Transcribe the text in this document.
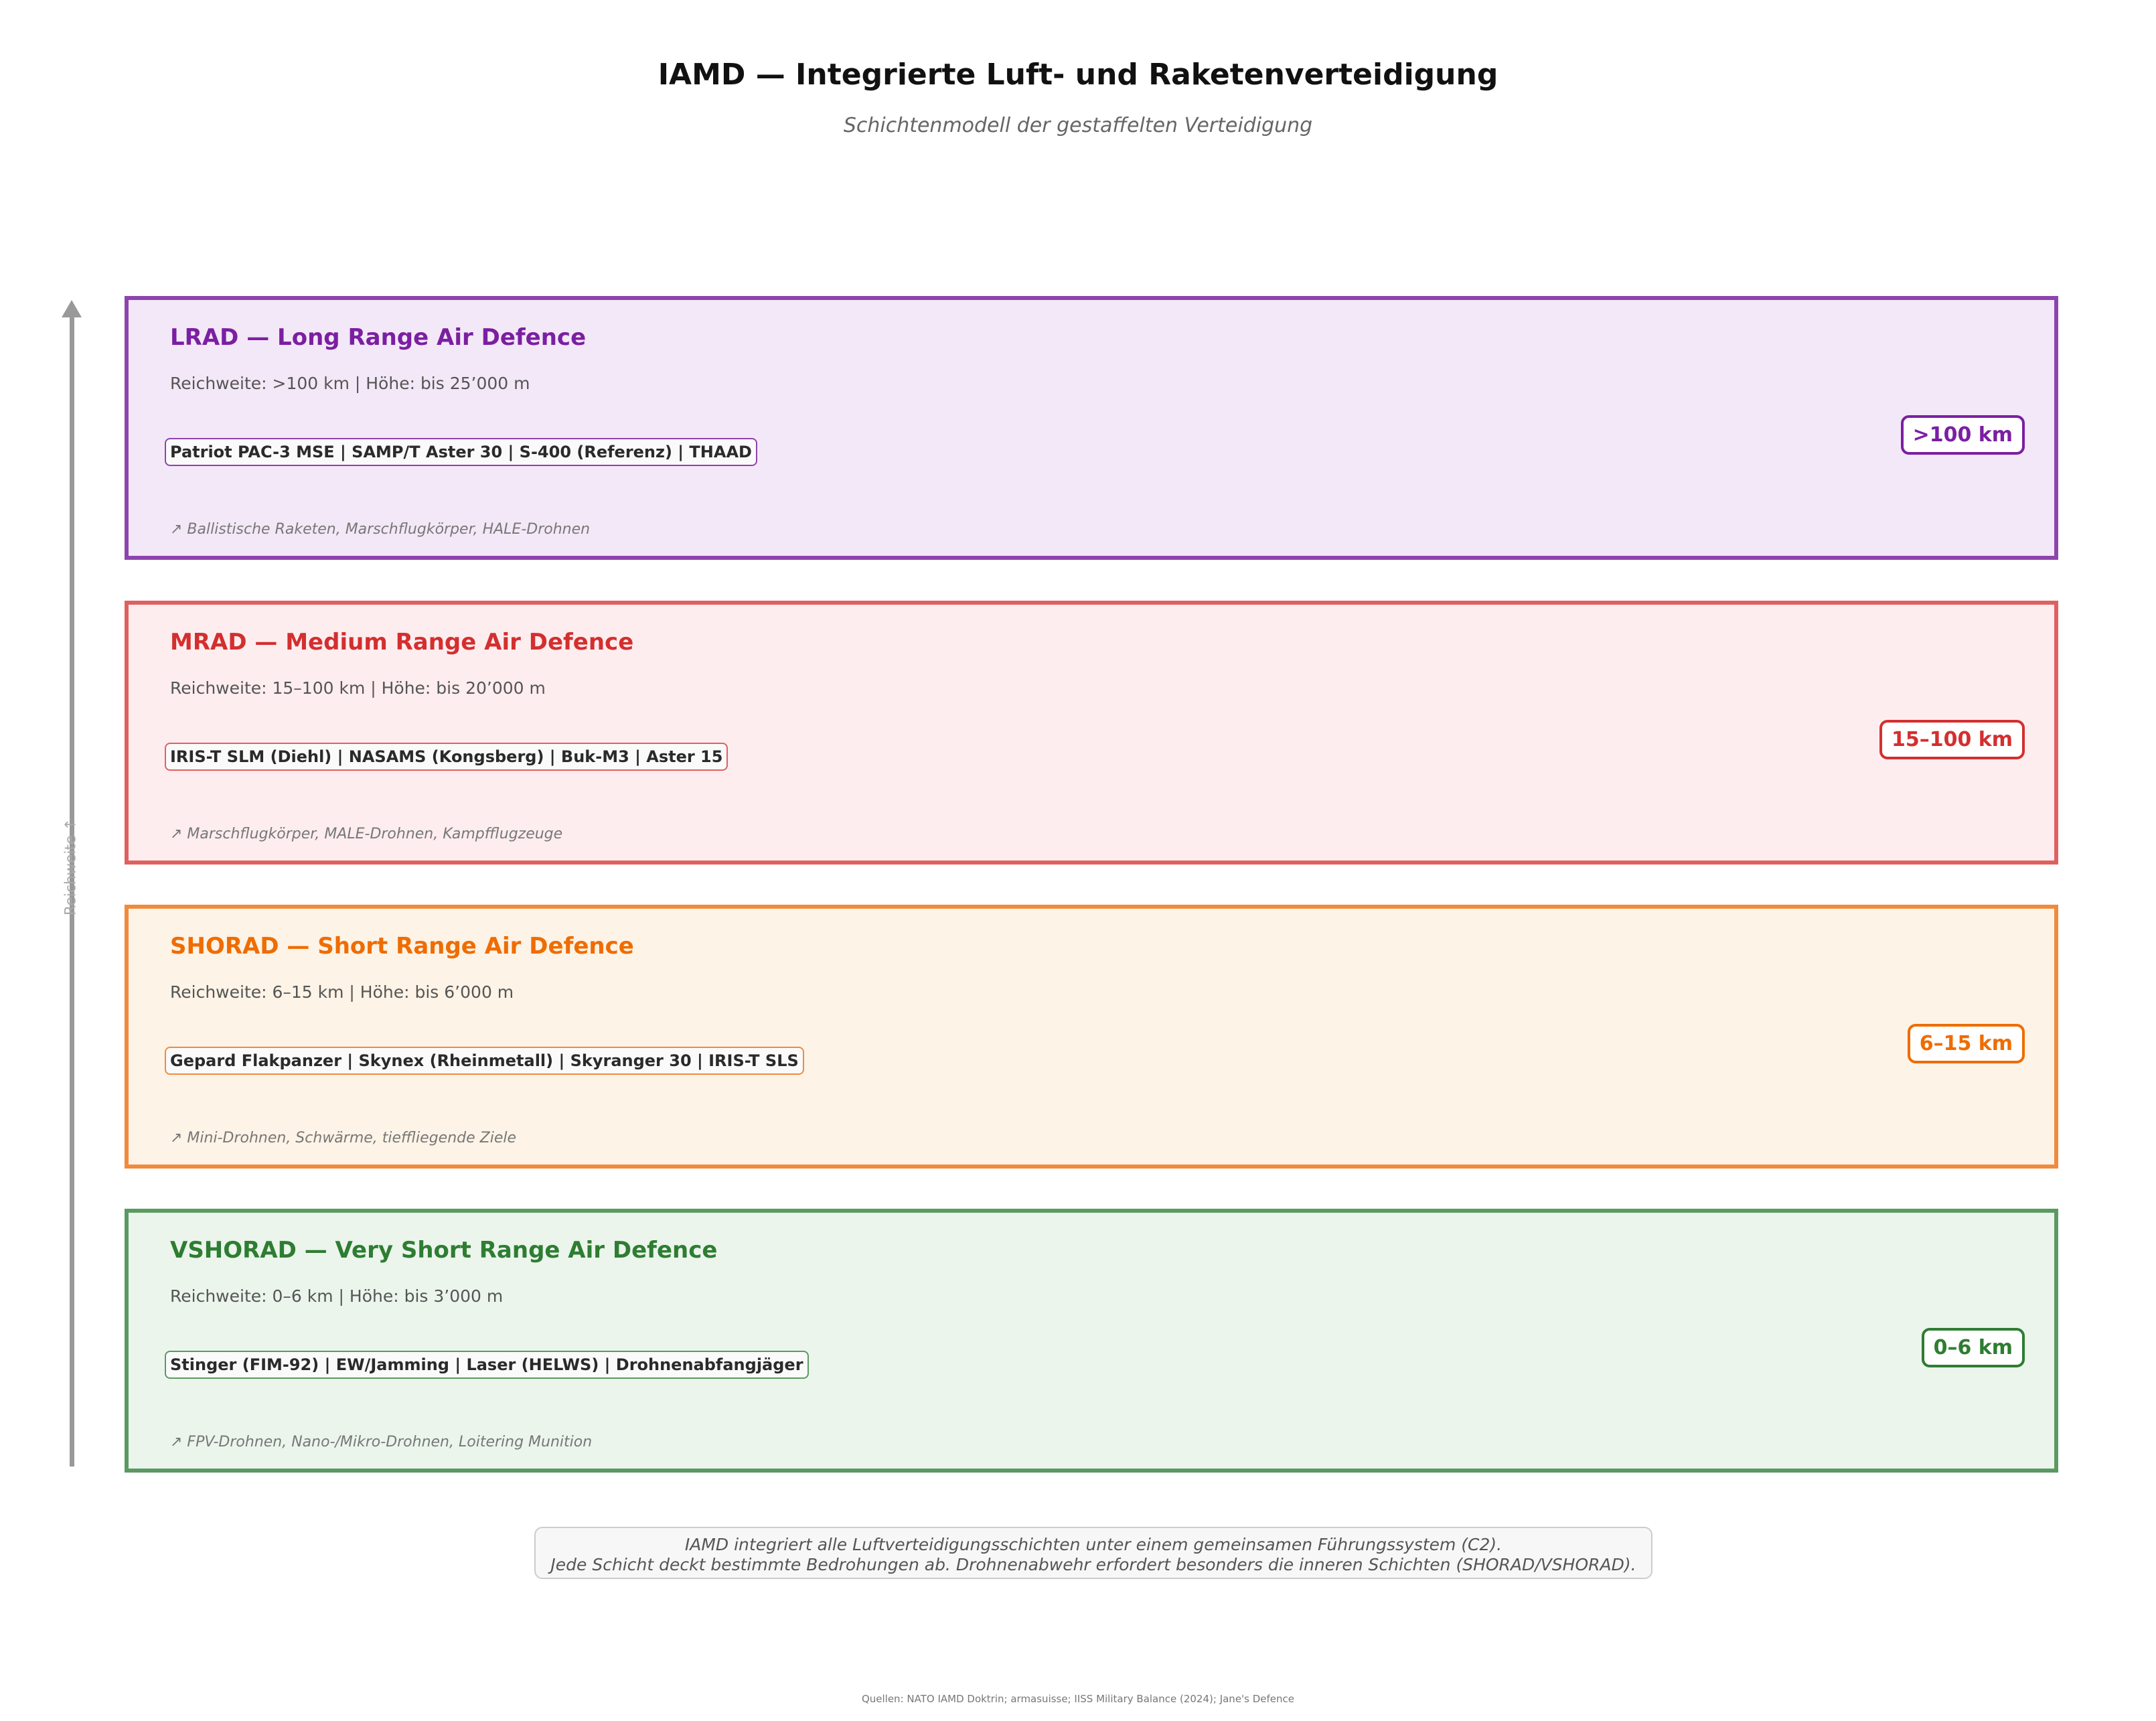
IAMD — Integrierte Luft- und Raketenverteidigung
Schichtenmodell der gestaffelten Verteidigung
Reichweite ↑
LRAD — Long Range Air Defence
Reichweite: >100 km | Höhe: bis 25’000 m
Patriot PAC-3 MSE | SAMP/T Aster 30 | S-400 (Referenz) | THAAD
↗ Ballistische Raketen, Marschflugkörper, HALE-Drohnen
>100 km
MRAD — Medium Range Air Defence
Reichweite: 15–100 km | Höhe: bis 20’000 m
IRIS-T SLM (Diehl) | NASAMS (Kongsberg) | Buk-M3 | Aster 15
↗ Marschflugkörper, MALE-Drohnen, Kampfflugzeuge
15–100 km
SHORAD — Short Range Air Defence
Reichweite: 6–15 km | Höhe: bis 6’000 m
Gepard Flakpanzer | Skynex (Rheinmetall) | Skyranger 30 | IRIS-T SLS
↗ Mini-Drohnen, Schwärme, tieffliegende Ziele
6–15 km
VSHORAD — Very Short Range Air Defence
Reichweite: 0–6 km | Höhe: bis 3’000 m
Stinger (FIM-92) | EW/Jamming | Laser (HELWS) | Drohnenabfangjäger
↗ FPV-Drohnen, Nano-/Mikro-Drohnen, Loitering Munition
0–6 km
IAMD integriert alle Luftverteidigungsschichten unter einem gemeinsamen Führungssystem (C2).
Jede Schicht deckt bestimmte Bedrohungen ab. Drohnenabwehr erfordert besonders die inneren Schichten (SHORAD/VSHORAD).
Quellen: NATO IAMD Doktrin; armasuisse; IISS Military Balance (2024); Jane's Defence
